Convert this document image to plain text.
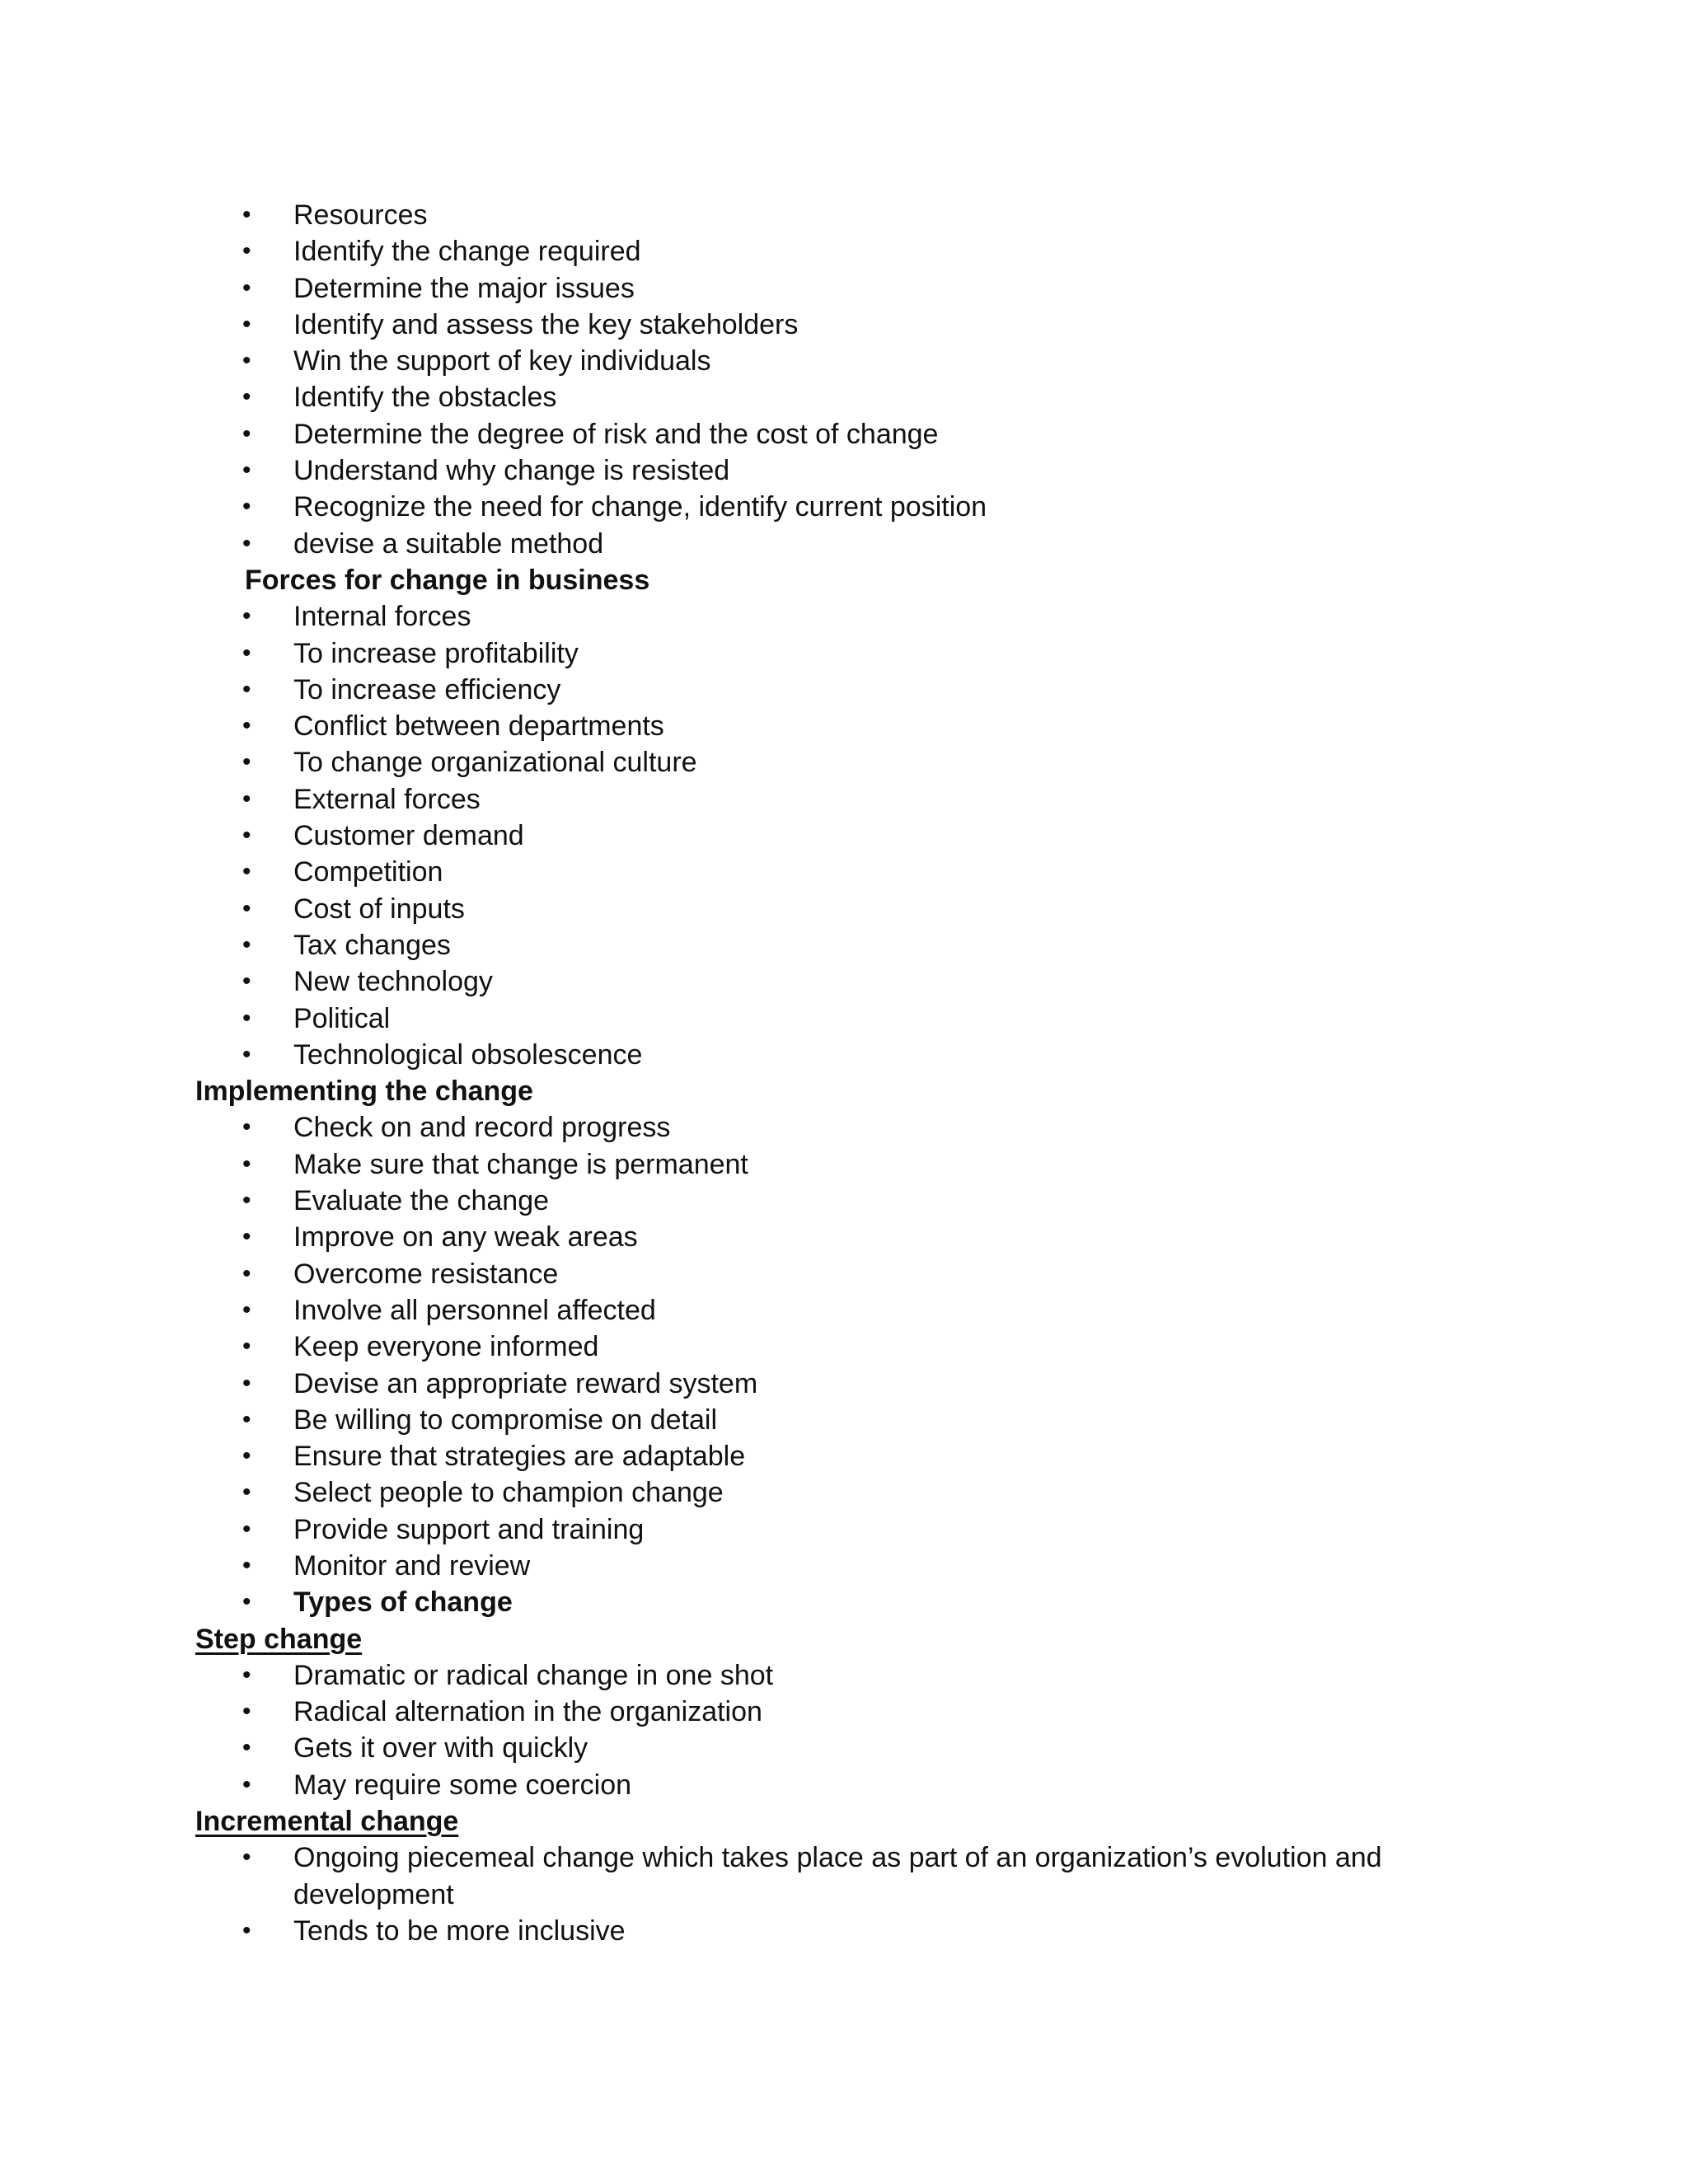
•	Resources
•	Identify the change required
•	Determine the major issues
•	Identify and assess the key stakeholders
•	Win the support of key individuals
•	Identify the obstacles
•	Determine the degree of risk and the cost of change
•	Understand why change is resisted
•	Recognize the need for change, identify current position
•	devise a suitable method
Forces for change in business
•	Internal forces
•	To increase profitability
•	To increase efficiency
•	Conflict between departments
•	To change organizational culture
•	External forces
•	Customer demand
•	Competition
•	Cost of inputs
•	Tax changes
•	New technology
•	Political
•	Technological obsolescence
Implementing the change
•	Check on and record progress
•	Make sure that change is permanent
•	Evaluate the change
•	Improve on any weak areas
•	Overcome resistance
•	Involve all personnel affected
•	Keep everyone informed
•	Devise an appropriate reward system
•	Be willing to compromise on detail
•	Ensure that strategies are adaptable
•	Select people to champion change
•	Provide support and training
•	Monitor and review
•	Types of change
Step change
•	Dramatic or radical change in one shot
•	Radical alternation in the organization
•	Gets it over with quickly
•	May require some coercion
Incremental change
•	Ongoing piecemeal change which takes place as part of an organization’s evolution and
development
•	Tends to be more inclusive
